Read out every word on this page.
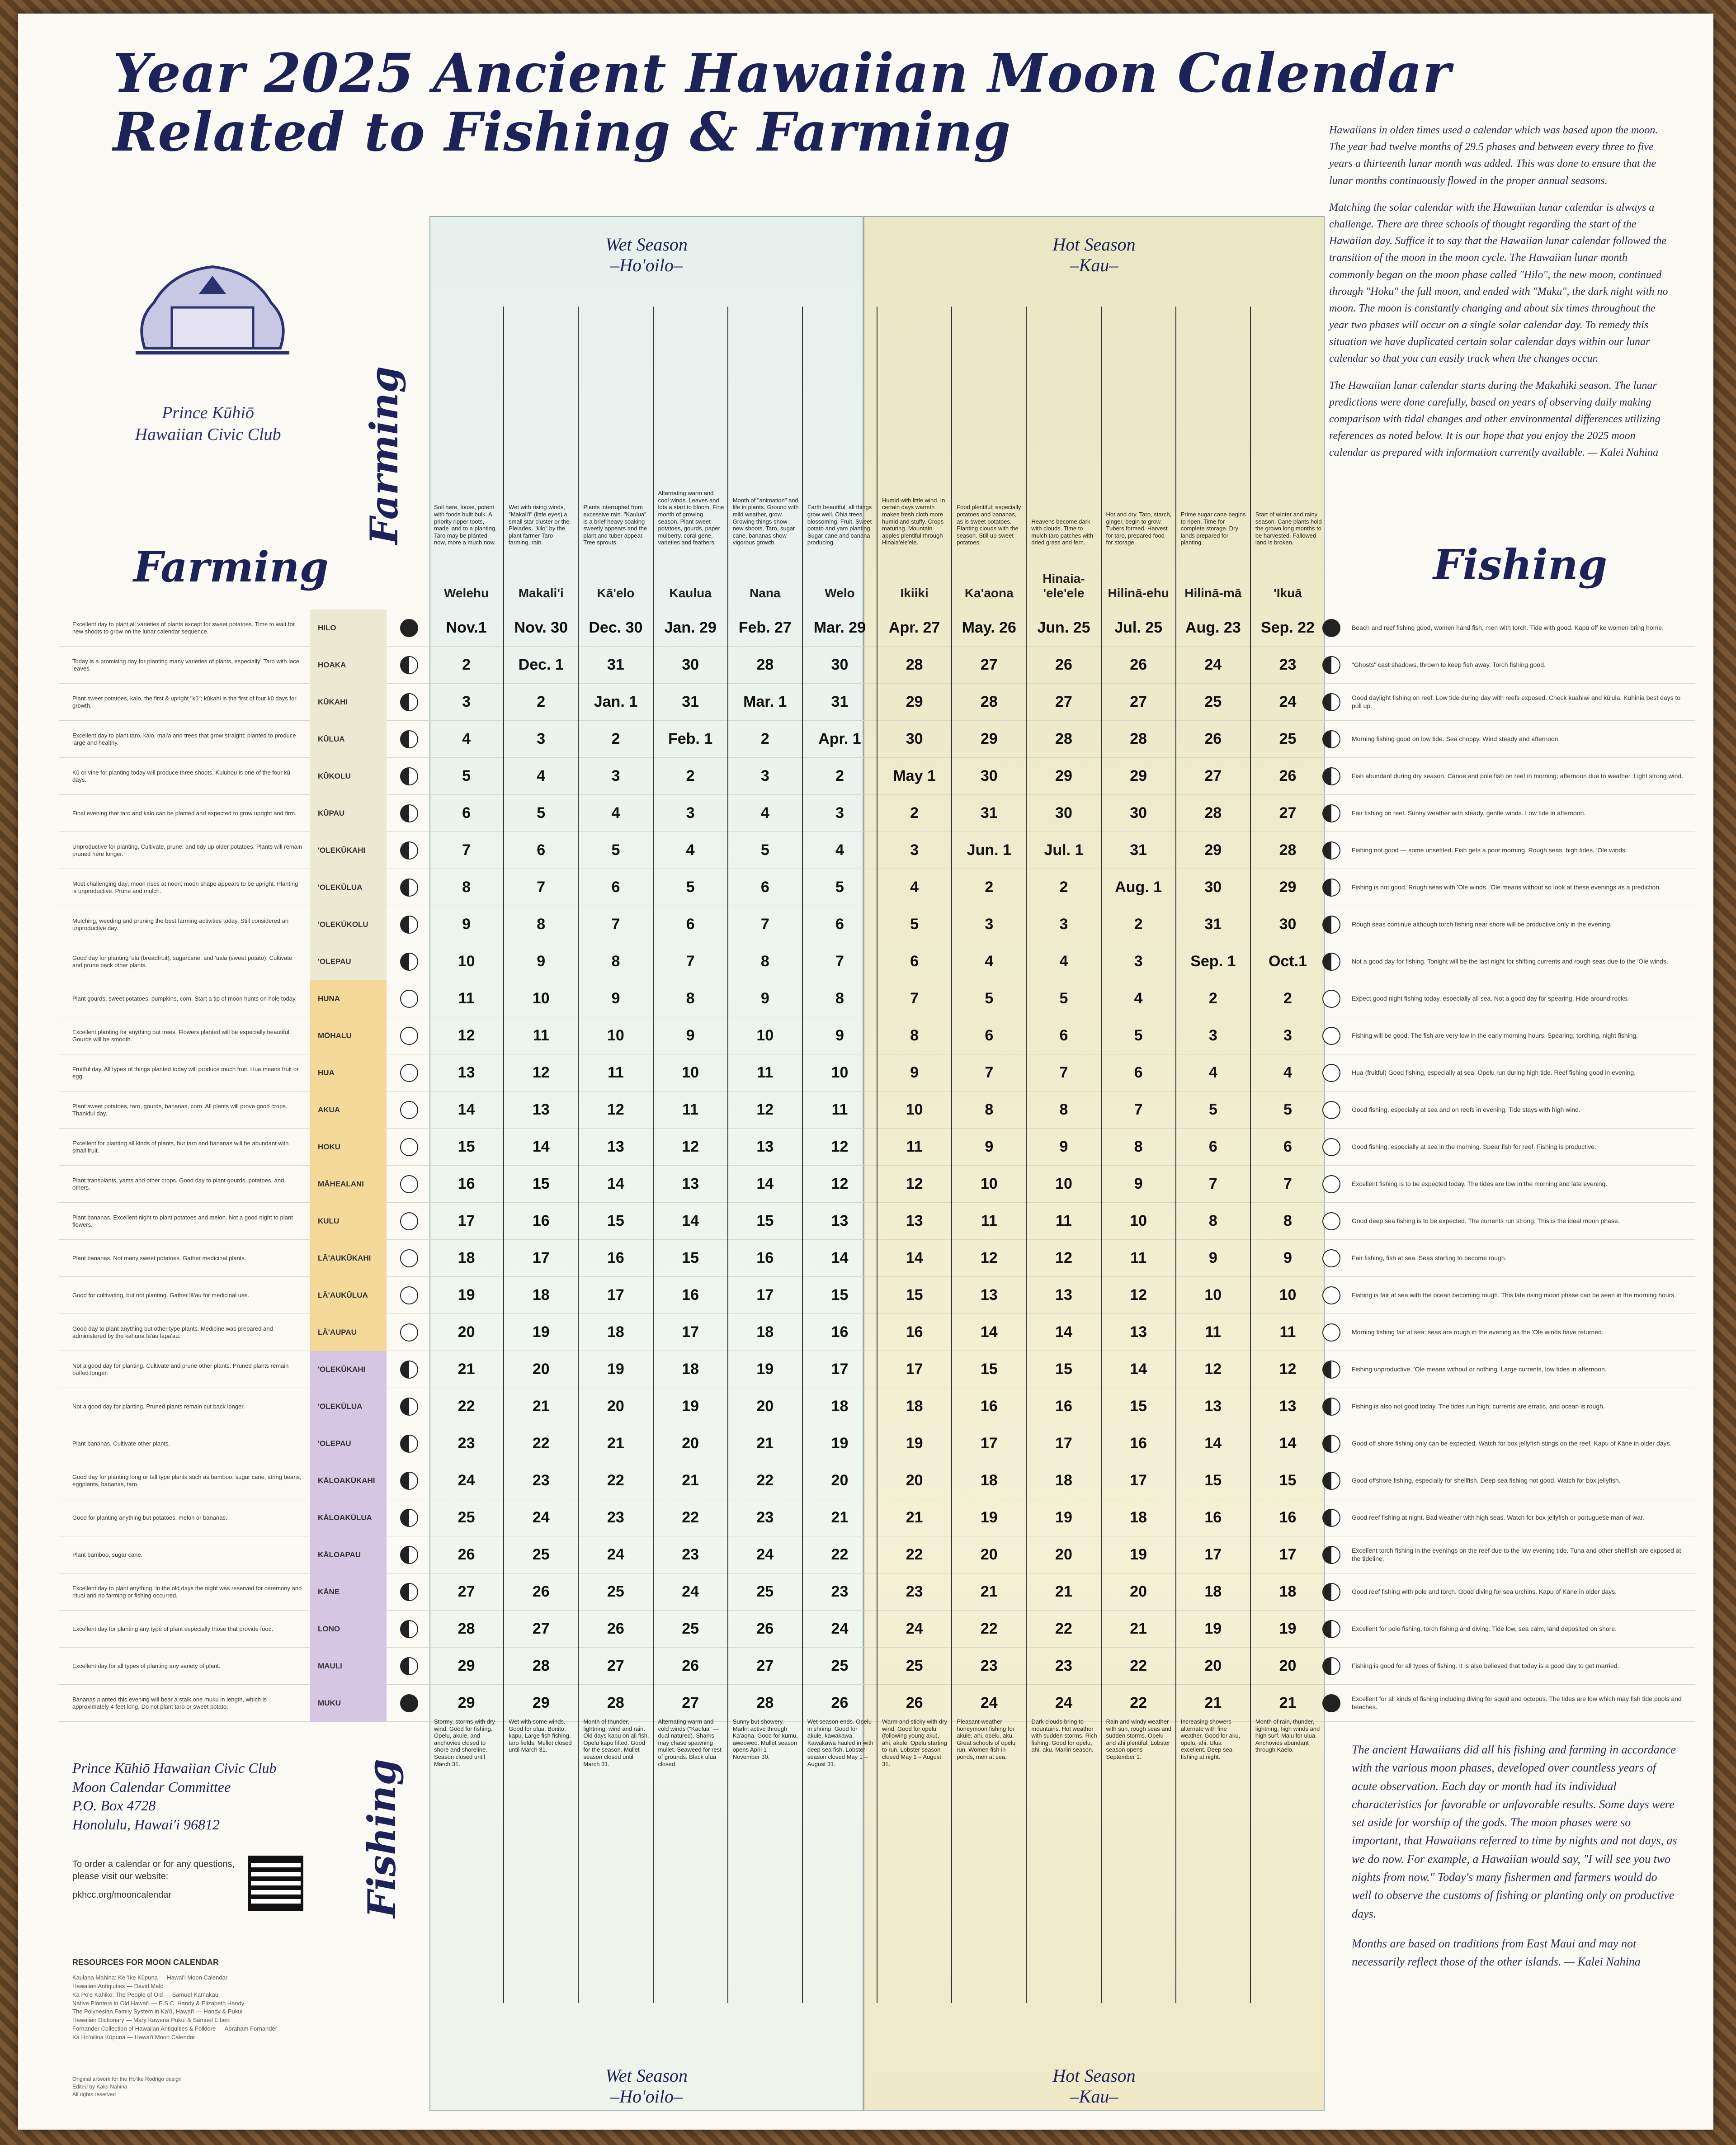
Year 2025 Ancient Hawaiian Moon Calendar
Related to Fishing & Farming	Hawaiians in olden times used a calendar which was based upon the moon. The year had twelve months of 29.5 phases and between every three to five years a thirteenth lunar month was added. This was done to ensure that the lunar months continuously flowed in the proper annual seasons.

Matching the solar calendar with the Hawaiian lunar calendar is always a challenge. There are three schools of thought regarding the start of the Hawaiian day. Suffice it to say that the Hawaiian lunar calendar followed the transition of the moon in the moon cycle. The Hawaiian lunar month commonly began on the moon phase called "Hilo", the new moon, continued through "Hoku" the full moon, and ended with "Muku", the dark night with no moon. The moon is constantly changing and about six times throughout the year two phases will occur on a single solar calendar day. To remedy this situation we have duplicated certain solar calendar days within our lunar calendar so that you can easily track when the changes occur.

The Hawaiian lunar calendar starts during the Makahiki season. The lunar predictions were done carefully, based on years of observing daily making comparison with tidal changes and other environmental differences utilizing references as noted below. It is our hope that you enjoy the 2025 moon calendar as prepared with information currently available. — Kalei Nahina

Prince Kūhiō
Hawaiian Civic Club
Farming	Fishing
Farming
Fishing
Wet Season
–Ho'oilo–
Hot Season
–Kau–
Wet Season
–Ho'oilo–
Hot Season
–Kau–
Soil here, loose, potent with foods built bulk. A priority ripper toots, made land to a planting. Taro may be planted now, more a much now.
Welehu
Wet with rising winds, "Makali'i" (little eyes) a small star cluster or the Pleiades, "kilo" by the plant farmer Taro farming, rain.
Makali'i
Plants interrupted from excessive rain. "Kaulua" is a brief heavy soaking sweetly appears and the plant and tuber appear. Tree sprouts.
Kā'elo
Alternating warm and cool winds. Leaves and lots a start to bloom. Fine month of growing season. Plant sweet potatoes, gourds, paper mulberry, coral gene, varieties and feathers.
Kaulua
Month of "animation" and life in plants. Ground with mild weather, grow. Growing things show new shoots. Taro, sugar cane, bananas show vigorous growth.
Nana
Earth beautiful, all things grow well. Ohia trees blossoming. Fruit. Sweet potato and yam planting. Sugar cane and banana producing.
Welo
Humid with little wind. In certain days warmth makes fresh cloth more humid and stuffy. Crops maturing. Mountain apples plentiful through Hinaia'ele'ele.
Ikiiki
Food plentiful; especially potatoes and bananas, as is sweet potatoes. Planting clouds with the season. Still up sweet potatoes.
Ka'aona
Heavens become dark with clouds. Time to mulch taro patches with dried grass and fern.
Hinaia-'ele'ele
Hot and dry. Taro, starch, ginger, begin to grow. Tubers formed. Harvest for taro, prepared food for storage.
Hilinā-ehu
Prime sugar cane begins to ripen. Time for complete storage. Dry lands prepared for planting.
Hilinā-mā
Start of winter and rainy season. Cane plants hold the grown long months to be harvested. Fallowed land is broken.
'Ikuā
Excellent day to plant all varieties of plants except for sweet potatoes. Time to wait for new shoots to grow on the lunar calendar sequence.	HILO	Nov.1	Nov. 30	Dec. 30	Jan. 29	Feb. 27	Mar. 29	Apr. 27	May. 26	Jun. 25	Jul. 25	Aug. 23	Sep. 22	Beach and reef fishing good, women hand fish, men with torch. Tide with good. Kapu off ke women bring home.
Today is a promising day for planting many varieties of plants, especially: Taro with lace leaves.	HOAKA	2	Dec. 1	31	30	28	30	28	27	26	26	24	23	"Ghosts" cast shadows, thrown to keep fish away. Torch fishing good.
Plant sweet potatoes, kalo, the first & upright "kū"; kūkahi is the first of four kū days for growth.	KŪKAHI	3	2	Jan. 1	31	Mar. 1	31	29	28	27	27	25	24	Good daylight fishing on reef. Low tide during day with reefs exposed. Check kuahiwi and kū'ula. Kuhinia best days to pull up.
Excellent day to plant taro, kalo, mai'a and trees that grow straight; planted to produce large and healthy.	KŪLUA	4	3	2	Feb. 1	2	Apr. 1	30	29	28	28	26	25	Morning fishing good on low tide. Sea choppy. Wind steady and afternoon.
Kū or vine for planting today will produce three shoots. Kuluhou is one of the four kū days.	KŪKOLU	5	4	3	2	3	2	May 1	30	29	29	27	26	Fish abundant during dry season. Canoe and pole fish on reef in morning; afternoon due to weather. Light strong wind.
Final evening that taro and kalo can be planted and expected to grow upright and firm.	KŪPAU	6	5	4	3	4	3	2	31	30	30	28	27	Fair fishing on reef. Sunny weather with steady, gentle winds. Low tide in afternoon.
Unproductive for planting. Cultivate, prune, and tidy up older potatoes. Plants will remain pruned here longer.	'OLEKŪKAHI	7	6	5	4	5	4	3	Jun. 1	Jul. 1	31	29	28	Fishing not good — some unsettled. Fish gets a poor morning. Rough seas, high tides, 'Ole winds.
Most challenging day; moon rises at noon; moon shape appears to be upright. Planting is unproductive. Prune and mulch.	'OLEKŪLUA	8	7	6	5	6	5	4	2	2	Aug. 1	30	29	Fishing is not good. Rough seas with 'Ole winds. 'Ole means without so look at these evenings as a prediction.
Mulching, weeding and pruning the best farming activities today. Still considered an unproductive day.	'OLEKŪKOLU	9	8	7	6	7	6	5	3	3	2	31	30	Rough seas continue although torch fishing near shore will be productive only in the evening.
Good day for planting 'ulu (breadfruit), sugarcane, and 'uala (sweet potato). Cultivate and prune back other plants.	'OLEPAU	10	9	8	7	8	7	6	4	4	3	Sep. 1	Oct.1	Not a good day for fishing. Tonight will be the last night for shifting currents and rough seas due to the 'Ole winds.
Plant gourds, sweet potatoes, pumpkins, corn. Start a tip of moon hunts on hole today.	HUNA	11	10	9	8	9	8	7	5	5	4	2	2	Expect good night fishing today, especially all sea. Not a good day for spearing. Hide around rocks.
Excellent planting for anything but trees. Flowers planted will be especially beautiful. Gourds will be smooth.	MŌHALU	12	11	10	9	10	9	8	6	6	5	3	3	Fishing will be good. The fish are very low in the early morning hours. Spearing, torching, night fishing.
Fruitful day. All types of things planted today will produce much fruit. Hua means fruit or egg.	HUA	13	12	11	10	11	10	9	7	7	6	4	4	Hua (fruitful) Good fishing, especially at sea. Opelu run during high tide. Reef fishing good in evening.
Plant sweet potatoes, taro, gourds, bananas, corn. All plants will prove good crops. Thankful day.	AKUA	14	13	12	11	12	11	10	8	8	7	5	5	Good fishing, especially at sea and on reefs in evening. Tide stays with high wind.
Excellent for planting all kinds of plants, but taro and bananas will be abundant with small fruit.	HOKU	15	14	13	12	13	12	11	9	9	8	6	6	Good fishing, especially at sea in the morning. Spear fish for reef. Fishing is productive.
Plant transplants, yams and other crops. Good day to plant gourds, potatoes, and others.	MĀHEALANI	16	15	14	13	14	12	12	10	10	9	7	7	Excellent fishing is to be expected today. The tides are low in the morning and late evening.
Plant bananas. Excellent night to plant potatoes and melon. Not a good night to plant flowers.	KULU	17	16	15	14	15	13	13	11	11	10	8	8	Good deep sea fishing is to be expected. The currents run strong. This is the ideal moon phase.
Plant bananas. Not many sweet potatoes. Gather medicinal plants.	LĀ'AUKŪKAHI	18	17	16	15	16	14	14	12	12	11	9	9	Fair fishing, fish at sea. Seas starting to become rough.
Good for cultivating, but not planting. Gather lā'au for medicinal use.	LĀ'AUKŪLUA	19	18	17	16	17	15	15	13	13	12	10	10	Fishing is fair at sea with the ocean becoming rough. This late rising moon phase can be seen in the morning hours.
Good day to plant anything but other type plants. Medicine was prepared and administered by the kahuna lā'au lapa'au.	LĀ'AUPAU	20	19	18	17	18	16	16	14	14	13	11	11	Morning fishing fair at sea; seas are rough in the evening as the 'Ole winds have returned.
Not a good day for planting. Cultivate and prune other plants. Pruned plants remain buffed longer.	'OLEKŪKAHI	21	20	19	18	19	17	17	15	15	14	12	12	Fishing unproductive. 'Ole means without or nothing. Large currents, low tides in afternoon.
Not a good day for planting. Pruned plants remain cut back longer.	'OLEKŪLUA	22	21	20	19	20	18	18	16	16	15	13	13	Fishing is also not good today. The tides run high; currents are erratic, and ocean is rough.
Plant bananas. Cultivate other plants.	'OLEPAU	23	22	21	20	21	19	19	17	17	16	14	14	Good off shore fishing only can be expected. Watch for box jellyfish stings on the reef. Kapu of Kāne in older days.
Good day for planting long or tall type plants such as bamboo, sugar cane, string beans, eggplants, bananas, taro.	KĀLOAKŪKAHI	24	23	22	21	22	20	20	18	18	17	15	15	Good offshore fishing, especially for shellfish. Deep sea fishing not good. Watch for box jellyfish.
Good for planting anything but potatoes, melon or bananas.	KĀLOAKŪLUA	25	24	23	22	23	21	21	19	19	18	16	16	Good reef fishing at night. Bad weather with high seas. Watch for box jellyfish or portuguese man-of-war.
Plant bamboo, sugar cane.	KĀLOAPAU	26	25	24	23	24	22	22	20	20	19	17	17	Excellent torch fishing in the evenings on the reef due to the low evening tide. Tuna and other shellfish are exposed at the tideline.
Excellent day to plant anything. In the old days the night was reserved for ceremony and ritual and no farming or fishing occurred.	KĀNE	27	26	25	24	25	23	23	21	21	20	18	18	Good reef fishing with pole and torch. Good diving for sea urchins. Kapu of Kāne in older days.
Excellent day for planting any type of plant especially those that provide food.	LONO	28	27	26	25	26	24	24	22	22	21	19	19	Excellent for pole fishing, torch fishing and diving. Tide low, sea calm, land deposited on shore.
Excellent day for all types of planting any variety of plant.	MAULI	29	28	27	26	27	25	25	23	23	22	20	20	Fishing is good for all types of fishing. It is also believed that today is a good day to get married.
Bananas planted this evening will bear a stalk one muku in length, which is approximately 4 feet long. Do not plant taro or sweet potato.	MUKU	29	29	28	27	28	26	26	24	24	22	21	21	Excellent for all kinds of fishing including diving for squid and octopus. The tides are low which may fish tide pools and beaches.
Stormy, storms with dry wind. Good for fishing. Opelu, akule, and anchovies closed to shore and shoreline. Season closed until March 31.
Wet with some winds. Good for ulua. Bonito, kapu. Large fish fishing, taro fields. Mullet closed until March 31.
Month of thunder, lightning, wind and rain. Old days kapu on all fish. Opelu kapu lifted. Good for the season. Mullet season closed until March 31.
Alternating warm and cold winds ("Kaulua" — dual natured). Sharks may chase spawning mullet. Seaweed for rest of grounds. Black ulua closed.
Sunny but showery. Marlin active through Ka'aona. Good for kumu, aweoweo. Mullet season opens April 1 – November 30.
Wet season ends. Opelu in shrimp. Good for akule, kawakawa. Kawakawa hauled in with deep sea fish. Lobster season closed May 1 – August 31.
Warm and sticky with dry wind. Good for opelu (following young aku), ahi, akule. Opelu starting to run. Lobster season closed May 1 – August 31.
Pleasant weather – honeymoon fishing for akule, ahi, opelu, aku. Great schools of opelu run. Women fish in ponds, men at sea.
Dark clouds bring to mountains. Hot weather with sudden storms. Rich fishing. Good for opelu, ahi, aku. Marlin season.
Rain and windy weather with sun, rough seas and sudden storms. Opelu and ahi plentiful. Lobster season opens September 1.
Increasing showers alternate with fine weather. Good for aku, opelu, ahi. Ulua excellent. Deep sea fishing at night.
Month of rain, thunder, lightning, high winds and high surf. Malu for ulua. Anchovies abundant through Kaelo.
Prince Kūhiō Hawaiian Civic Club
Moon Calendar Committee
P.O. Box 4728
Honolulu, Hawai'i 96812
To order a calendar or for any questions,
please visit our website:
pkhcc.org/mooncalendar
RESOURCES FOR MOON CALENDAR
Kaulana Mahina: Ke 'Ike Kūpuna — Hawai'i Moon Calendar
Hawaiian Antiquities — David Malo
Ka Po'e Kahiko: The People of Old — Samuel Kamakau
Native Planters in Old Hawai'i — E.S.C. Handy & Elizabeth Handy
The Polynesian Family System in Ka'ū, Hawai'i — Handy & Pukui
Hawaiian Dictionary — Mary Kawena Pukui & Samuel Elbert
Fornander Collection of Hawaiian Antiquities & Folklore — Abraham Fornander
Ka Ho'oilina Kūpuna — Hawai'i Moon Calendar
Original artwork for the Ho'ike Rodrigo design
Edited by Kalei Nahina
All rights reserved

The ancient Hawaiians did all his fishing and farming in accordance with the various moon phases, developed over countless years of acute observation. Each day or month had its individual characteristics for favorable or unfavorable results. Some days were set aside for worship of the gods. The moon phases were so important, that Hawaiians referred to time by nights and not days, as we do now. For example, a Hawaiian would say, "I will see you two nights from now." Today's many fishermen and farmers would do well to observe the customs of fishing or planting only on productive days.

Months are based on traditions from East Maui and may not necessarily reflect those of the other islands. — Kalei Nahina
